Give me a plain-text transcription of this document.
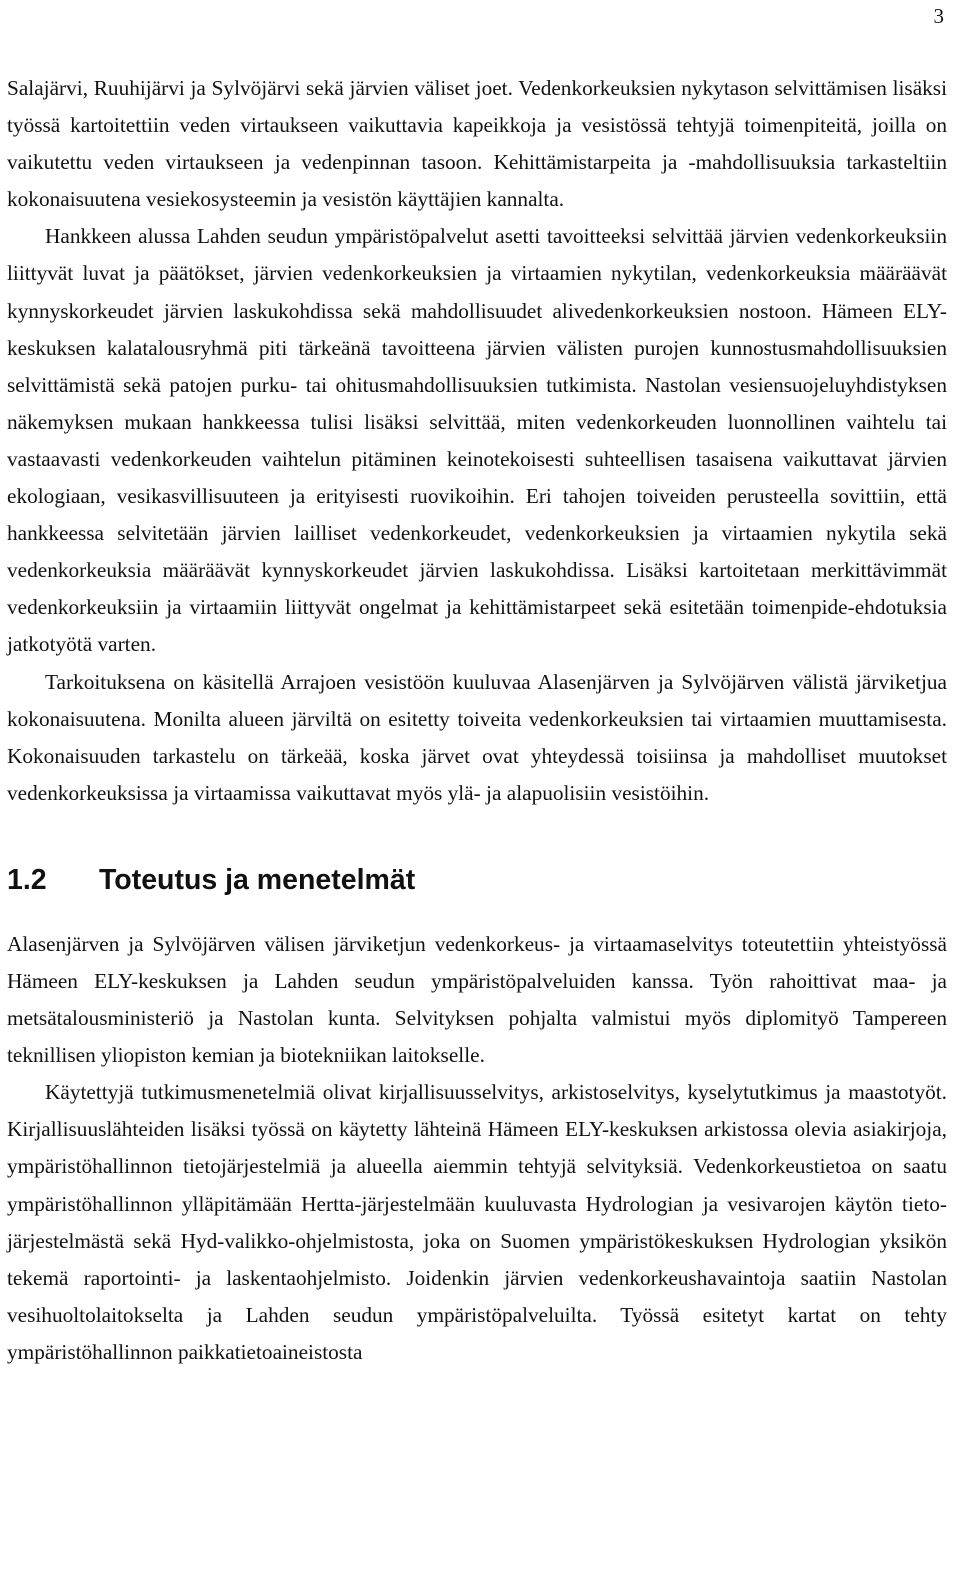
3

Salajärvi, Ruuhijärvi ja Sylvöjärvi sekä järvien väliset joet. Vedenkorkeuksien nykytason selvittämisen lisäksi työssä kartoitettiin veden virtaukseen vaikuttavia kapeikkoja ja vesistössä tehtyjä toimenpiteitä, joilla on vaikutettu veden virtaukseen ja vedenpinnan tasoon. Kehittämistarpeita ja -mahdollisuuksia tarkasteltiin kokonaisuutena vesiekosysteemin ja vesistön käyttäjien kannalta.

Hankkeen alussa Lahden seudun ympäristöpalvelut asetti tavoitteeksi selvittää järvien vedenkorkeuksiin liittyvät luvat ja päätökset, järvien vedenkorkeuksien ja virtaamien nykytilan, vedenkorkeuksia määräävät kynnyskorkeudet järvien laskukohdissa sekä mahdollisuudet alivedenkorkeuksien nostoon. Hämeen ELY-keskuksen kalatalousryhmä piti tärkeänä tavoitteena järvien välisten purojen kunnostusmahdollisuuksien selvittämistä sekä patojen purku- tai ohitusmahdollisuuksien tutkimista. Nastolan vesiensuojeluyhdistyksen näkemyksen mukaan hankkeessa tulisi lisäksi selvittää, miten vedenkorkeuden luonnollinen vaihtelu tai vastaavasti vedenkorkeuden vaihtelun pitäminen keinotekoisesti suhteellisen tasaisena vaikuttavat järvien ekologiaan, vesikasvillisuuteen ja erityisesti ruovikoihin. Eri tahojen toiveiden perusteella sovittiin, että hankkeessa selvitetään järvien lailliset vedenkorkeudet, vedenkorkeuksien ja virtaamien nykytila sekä vedenkorkeuksia määräävät kynnyskorkeudet järvien laskukohdissa. Lisäksi kartoitetaan merkittävimmät vedenkorkeuksiin ja virtaamiin liittyvät ongelmat ja kehittämistarpeet sekä esitetään toimenpide-ehdotuksia jatkotyötä varten.

Tarkoituksena on käsitellä Arrajoen vesistöön kuuluvaa Alasenjärven ja Sylvöjärven välistä järviketjua kokonaisuutena. Monilta alueen järviltä on esitetty toiveita vedenkorkeuksien tai virtaamien muuttamisesta. Kokonaisuuden tarkastelu on tärkeää, koska järvet ovat yhteydessä toisiinsa ja mahdolliset muutokset vedenkorkeuksissa ja virtaamissa vaikuttavat myös ylä- ja alapuolisiin vesistöihin.

1.2 Toteutus ja menetelmät

Alasenjärven ja Sylvöjärven välisen järviketjun vedenkorkeus- ja virtaamaselvitys toteutettiin yhteistyössä Hämeen ELY-keskuksen ja Lahden seudun ympäristöpalveluiden kanssa. Työn rahoittivat maa- ja metsätalousministeriö ja Nastolan kunta. Selvityksen pohjalta valmistui myös diplomityö Tampereen teknillisen yliopiston kemian ja biotekniikan laitokselle.

Käytettyjä tutkimusmenetelmiä olivat kirjallisuusselvitys, arkistoselvitys, kyselytutkimus ja maastotyöt. Kirjallisuuslähteiden lisäksi työssä on käytetty lähteinä Hämeen ELY-keskuksen arkistossa olevia asiakirjoja, ympäristöhallinnon tietojärjestelmiä ja alueella aiemmin tehtyjä selvityksiä. Vedenkorkeustietoa on saatu ympäristöhallinnon ylläpitämään Hertta-järjestelmään kuuluvasta Hydrologian ja vesivarojen käytön tietojärjestelmästä sekä Hyd-valikko-ohjelmistosta, joka on Suomen ympäristökeskuksen Hydrologian yksikön tekemä raportointi- ja laskentaohjelmisto. Joidenkin järvien vedenkorkeushavaintoja saatiin Nastolan vesihuoltolaitokselta ja Lahden seudun ympäristöpalveluilta. Työssä esitetyt kartat on tehty ympäristöhallinnon paikkatietoaineistosta
